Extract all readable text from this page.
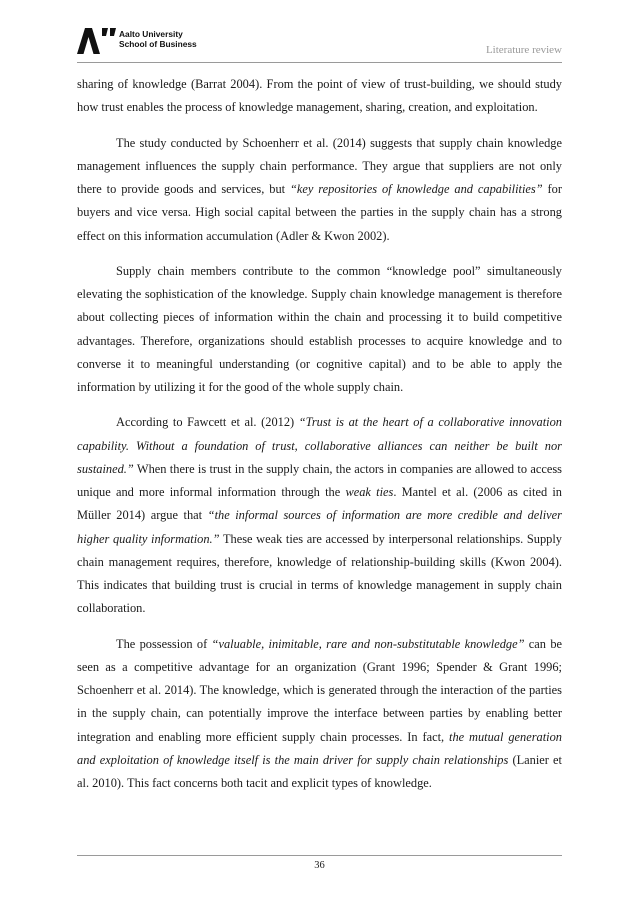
Aalto University
School of Business
Literature review

sharing of knowledge (Barrat 2004). From the point of view of trust-building, we should study how trust enables the process of knowledge management, sharing, creation, and exploitation.

The study conducted by Schoenherr et al. (2014) suggests that supply chain knowledge management influences the supply chain performance. They argue that suppliers are not only there to provide goods and services, but “key repositories of knowledge and capabilities” for buyers and vice versa. High social capital between the parties in the supply chain has a strong effect on this information accumulation (Adler & Kwon 2002).

Supply chain members contribute to the common “knowledge pool” simultaneously elevating the sophistication of the knowledge. Supply chain knowledge management is therefore about collecting pieces of information within the chain and processing it to build competitive advantages. Therefore, organizations should establish processes to acquire knowledge and to converse it to meaningful understanding (or cognitive capital) and to be able to apply the information by utilizing it for the good of the whole supply chain.

According to Fawcett et al. (2012) “Trust is at the heart of a collaborative innovation capability. Without a foundation of trust, collaborative alliances can neither be built nor sustained.” When there is trust in the supply chain, the actors in companies are allowed to access unique and more informal information through the weak ties. Mantel et al. (2006 as cited in Müller 2014) argue that “the informal sources of information are more credible and deliver higher quality information.” These weak ties are accessed by interpersonal relationships. Supply chain management requires, therefore, knowledge of relationship-building skills (Kwon 2004). This indicates that building trust is crucial in terms of knowledge management in supply chain collaboration.

The possession of “valuable, inimitable, rare and non-substitutable knowledge” can be seen as a competitive advantage for an organization (Grant 1996; Spender & Grant 1996; Schoenherr et al. 2014). The knowledge, which is generated through the interaction of the parties in the supply chain, can potentially improve the interface between parties by enabling better integration and enabling more efficient supply chain processes. In fact, the mutual generation and exploitation of knowledge itself is the main driver for supply chain relationships (Lanier et al. 2010). This fact concerns both tacit and explicit types of knowledge.

36
